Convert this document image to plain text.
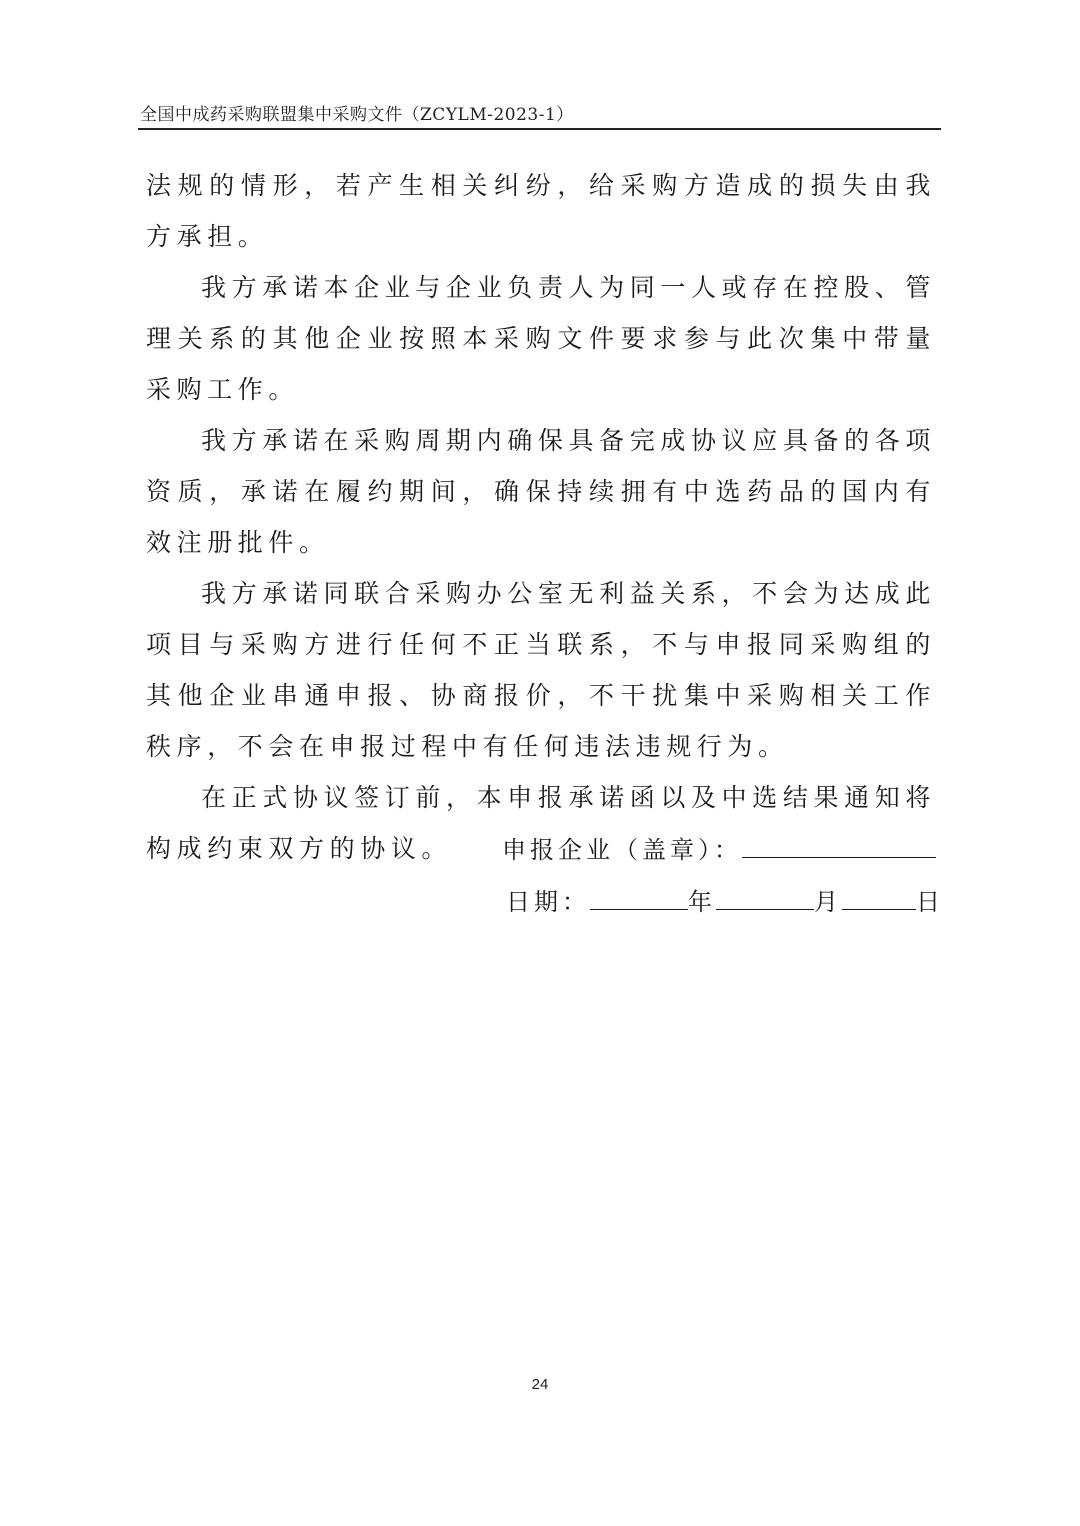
全国中成药采购联盟集中采购文件（ZCYLM-2023-1）

法规的情形，若产生相关纠纷，给采购方造成的损失由我方承担。

我方承诺本企业与企业负责人为同一人或存在控股、管理关系的其他企业按照本采购文件要求参与此次集中带量采购工作。

我方承诺在采购周期内确保具备完成协议应具备的各项资质，承诺在履约期间，确保持续拥有中选药品的国内有效注册批件。

我方承诺同联合采购办公室无利益关系，不会为达成此项目与采购方进行任何不正当联系，不与申报同采购组的其他企业串通申报、协商报价，不干扰集中采购相关工作秩序，不会在申报过程中有任何违法违规行为。

在正式协议签订前，本申报承诺函以及中选结果通知将构成约束双方的协议。	申报企业（盖章）：
日期：	年	月	日
24
